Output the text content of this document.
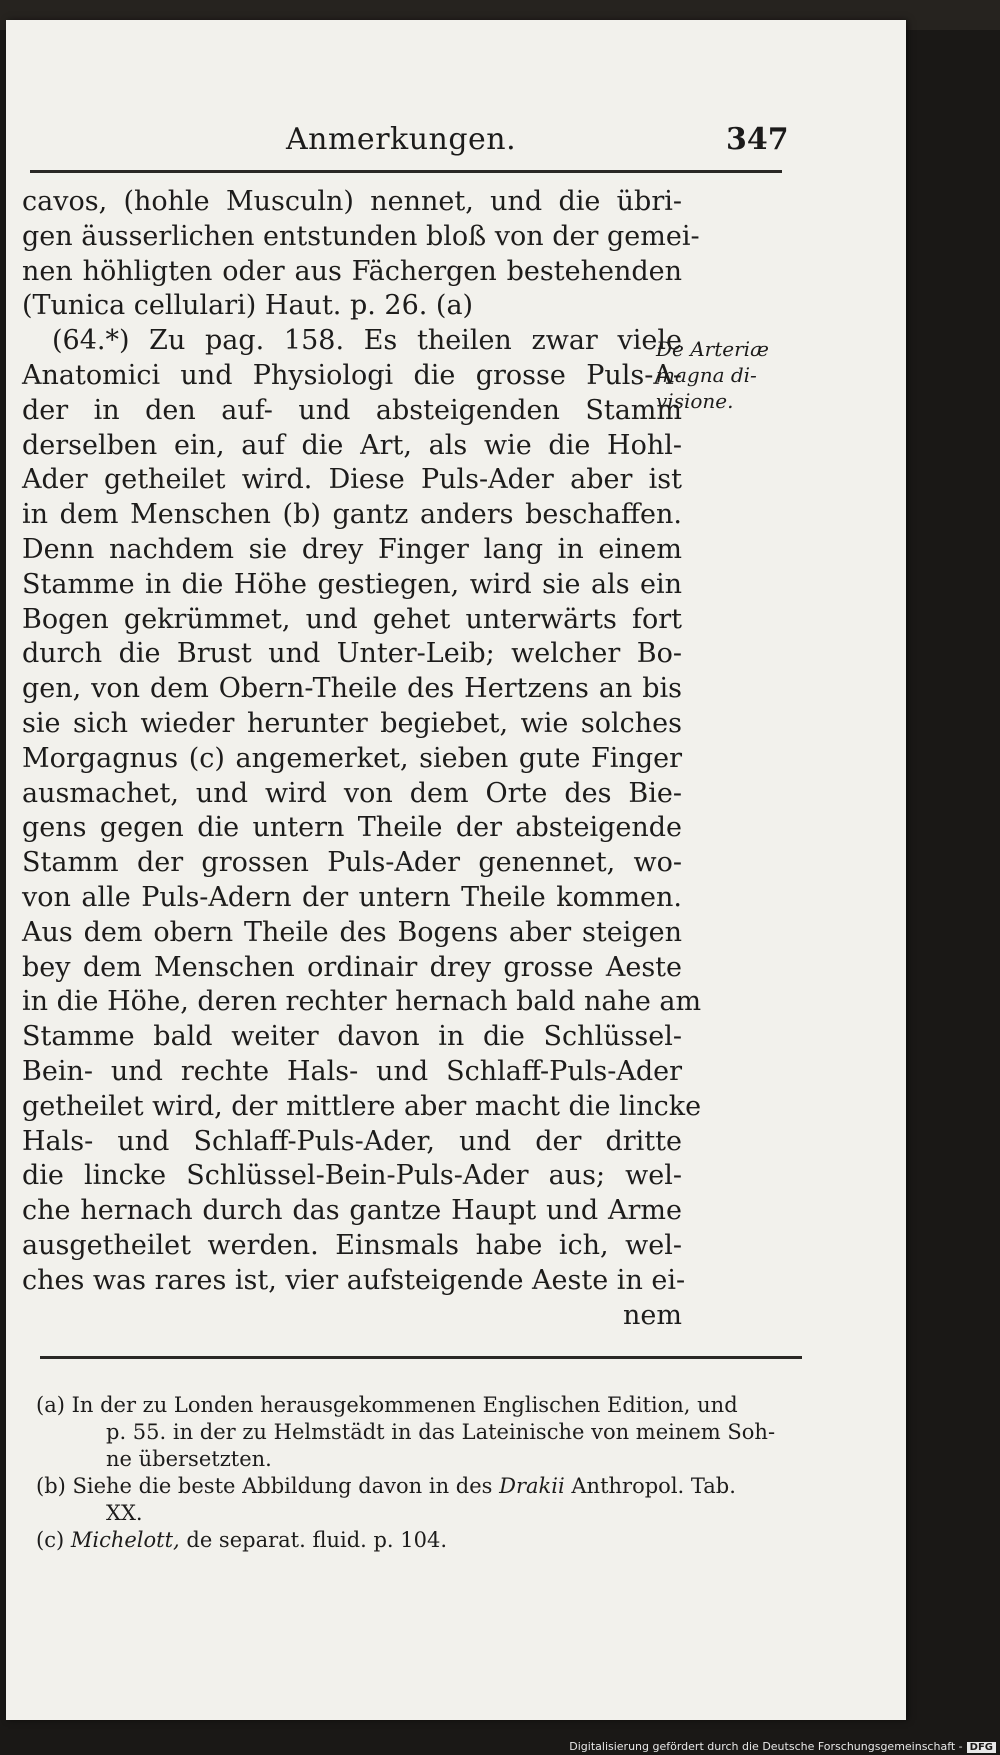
Anmerkungen.	347
cavos, (hohle Musculn) nennet, und die übri-
gen äusserlichen entstunden bloß von der gemei-
nen höhligten oder aus Fächergen bestehenden
(Tunica cellulari) Haut. p. 26. (a)
(64.*) Zu pag. 158. Es theilen zwar viele
Anatomici und Physiologi die grosse Puls-A-
der in den auf- und absteigenden Stamm
derselben ein, auf die Art, als wie die Hohl-
Ader getheilet wird. Diese Puls-Ader aber ist
in dem Menschen (b) gantz anders beschaffen.
Denn nachdem sie drey Finger lang in einem
Stamme in die Höhe gestiegen, wird sie als ein
Bogen gekrümmet, und gehet unterwärts fort
durch die Brust und Unter-Leib; welcher Bo-
gen, von dem Obern-Theile des Hertzens an bis
sie sich wieder herunter begiebet, wie solches
Morgagnus (c) angemerket, sieben gute Finger
ausmachet, und wird von dem Orte des Bie-
gens gegen die untern Theile der absteigende
Stamm der grossen Puls-Ader genennet, wo-
von alle Puls-Adern der untern Theile kommen.
Aus dem obern Theile des Bogens aber steigen
bey dem Menschen ordinair drey grosse Aeste
in die Höhe, deren rechter hernach bald nahe am
Stamme bald weiter davon in die Schlüssel-
Bein- und rechte Hals- und Schlaff-Puls-Ader
getheilet wird, der mittlere aber macht die lincke
Hals- und Schlaff-Puls-Ader, und der dritte
die lincke Schlüssel-Bein-Puls-Ader aus; wel-
che hernach durch das gantze Haupt und Arme
ausgetheilet werden. Einsmals habe ich, wel-
ches was rares ist, vier aufsteigende Aeste in ei-
nem
De Arteriæ
magna di-
visione.
(a) In der zu Londen herausgekommenen Englischen Edition, und
p. 55. in der zu Helmstädt in das Lateinische von meinem Soh-
ne übersetzten.
(b) Siehe die beste Abbildung davon in des Drakii Anthropol. Tab.
XX.
(c) Michelott, de separat. fluid. p. 104.
Digitalisierung gefördert durch die Deutsche Forschungsgemeinschaft - DFG
